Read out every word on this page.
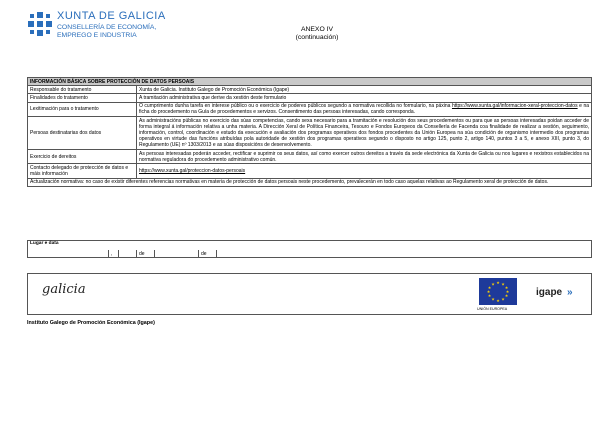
XUNTA DE GALICIA
CONSELLERÍA DE ECONOMÍA,
EMPREGO E INDUSTRIA
ANEXO IV
(continuación)
INFORMACIÓN BÁSICA SOBRE PROTECCIÓN DE DATOS PERSOAIS	
Responsable do tratamento	Xunta de Galicia. Instituto Galego de Promoción Económica (Igape)
Finalidades do tratamento	A tramitación administrativa que derive da xestión deste formulario
Lexitimación para o tratamento	O cumprimento dunha tarefa en interese público ou o exercicio de poderes públicos segundo a normativa recollida no formulario, na páxina https://www.xunta.gal/informacion-xeral-proteccion-datos e na ficha do procedemento na Guía de procedementos e servizos. Consentimento das persoas interesadas, cando corresponda.
Persoas destinatarias dos datos	As administracións públicas no exercicio das súas competencias, cando sexa necesario para a tramitación e resolución dos seus procedementos ou para que as persoas interesadas poidan acceder de forma integral á información relativa a unha materia. A Dirección Xeral de Política Financeira, Tesouro e Fondos Europeos da Consellería de Facenda coa finalidade de realizar a xestión, seguimento, información, control, coordinación e estudo da execución e avaliación dos programas operativos dos fondos procedentes da Unión Europea na súa condición de organismo intermedio dos programas operativos en virtude das funcións atribuídas pola autoridade de xestión dos programas operativos segundo o disposto no artigo 125, punto 2, artigo 140, puntos 3 a 5, e anexo XIII, punto 3, do Regulamento (UE) nº 1303/2013 e as súas disposicións de desenvolvemento.
Exercicio de dereitos	As persoas interesadas poderán acceder, rectificar e suprimir os seus datos, así como exercer outros dereitos a través da sede electrónica da Xunta de Galicia ou nos lugares e rexistros establecidos na normativa reguladora do procedemento administrativo común.
Contacto delegado de protección de datos e máis información	https://www.xunta.gal/proteccion-datos-persoais
Actualización normativa: no caso de existir diferentes referencias normativas en materia de protección de datos persoais neste procedemento, prevalecerán en todo caso aquelas relativas ao Regulamento xeral de protección de datos.	
Lugar e data
,	de	de
galicia	★ ★
★
★
★
★
★
★
★
★
★
★
UNIÓN EUROPEA
igape »
Instituto Galego de Promoción Económica (Igape)
